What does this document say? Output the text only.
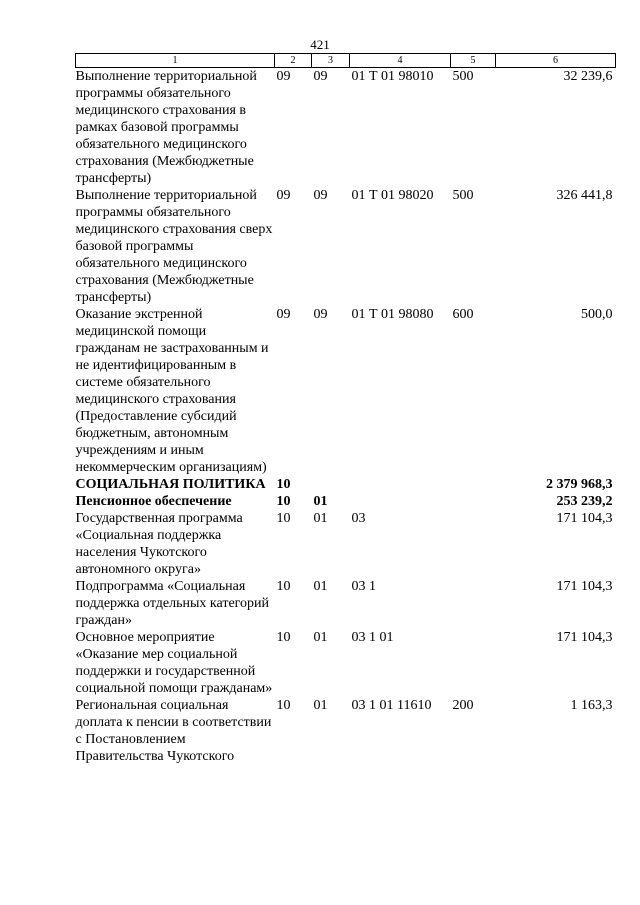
421
1	2	3	4	5	6
Выполнение территориальной программы обязательного медицинского страхования в рамках базовой программы обязательного медицинского страхования (Межбюджетные трансферты)	09	09	01 Т 01 98010	500	32 239,6
Выполнение территориальной программы обязательного медицинского страхования сверх базовой программы обязательного медицинского страхования (Межбюджетные трансферты)	09	09	01 Т 01 98020	500	326 441,8
Оказание экстренной медицинской помощи гражданам не застрахованным и не идентифицированным в системе обязательного медицинского страхования (Предоставление субсидий бюджетным, автономным учреждениям и иным некоммерческим организациям)	09	09	01 Т 01 98080	600	500,0
СОЦИАЛЬНАЯ ПОЛИТИКА	10				2 379 968,3
Пенсионное обеспечение	10	01			253 239,2
Государственная программа «Социальная поддержка населения Чукотского автономного округа»	10	01	03		171 104,3
Подпрограмма «Социальная поддержка отдельных категорий граждан»	10	01	03 1		171 104,3
Основное мероприятие «Оказание мер социальной поддержки и государственной социальной помощи гражданам»	10	01	03 1 01		171 104,3
Региональная социальная доплата к пенсии в соответствии с Постановлением Правительства Чукотского	10	01	03 1 01 11610	200	1 163,3
